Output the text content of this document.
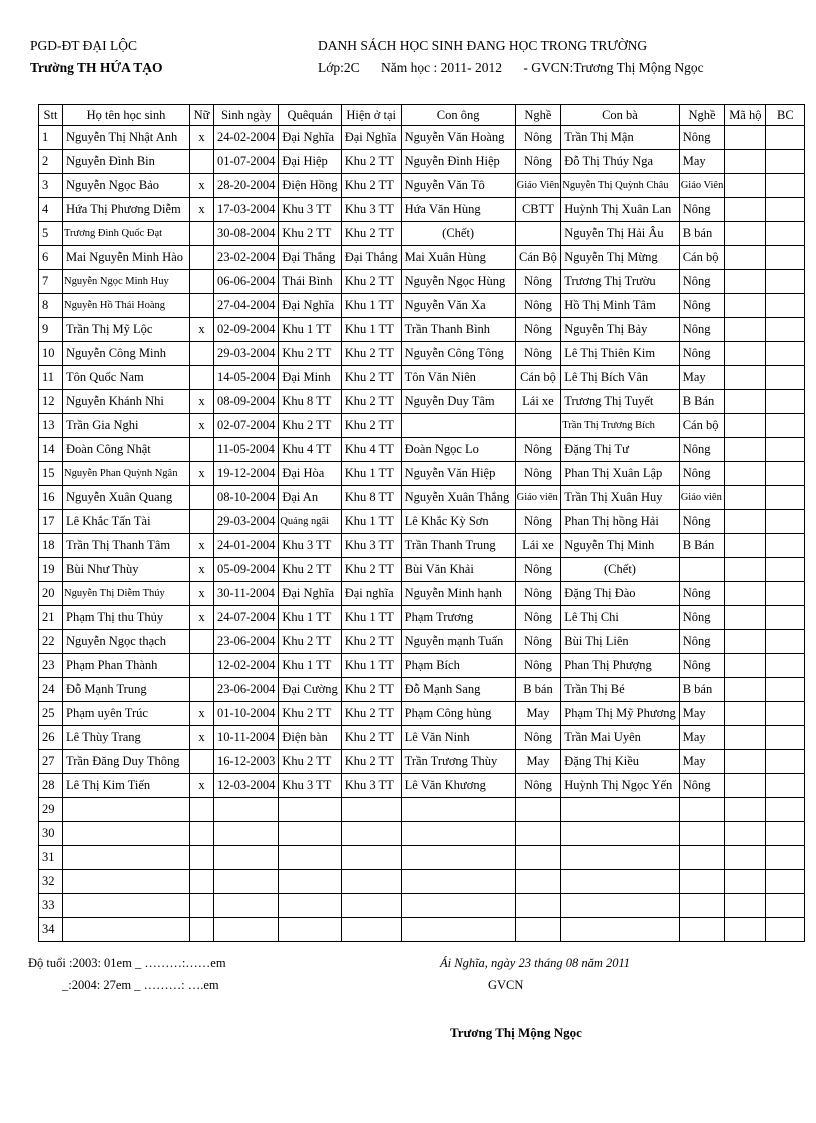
PGD-ĐT ĐẠI LỘC
Trường TH HỨA TẠO
DANH SÁCH HỌC SINH ĐANG HỌC TRONG TRƯỜNG
Lớp:2C Năm học : 2011- 2012 - GVCN:Trương Thị Mộng Ngọc
Stt	Họ tên học sinh	Nữ	Sinh ngày	Quêquán	Hiện ở tại	Con ông	Nghề	Con bà	Nghề	Mã hộ	BC
1	Nguyễn Thị Nhật Anh	x	24-02-2004	Đại Nghĩa	Đại Nghĩa	Nguyễn Văn Hoàng	Nông	Trần Thị Mận	Nông		
2	Nguyễn Đình Bin		01-07-2004	Đại Hiệp	Khu 2 TT	Nguyễn Đình Hiệp	Nông	Đỗ Thị Thúy Nga	May		
3	Nguyễn Ngọc Bảo	x	28-20-2004	Điện Hồng	Khu 2 TT	Nguyễn Văn Tô	Giáo Viên	Nguyễn Thị Quỳnh Châu	Giáo Viên		
4	Hứa Thị Phương Diễm	x	17-03-2004	Khu 3 TT	Khu 3 TT	Hứa Văn Hùng	CBTT	Huỳnh Thị Xuân Lan	Nông		
5	Trương Đình Quốc Đạt		30-08-2004	Khu 2 TT	Khu 2 TT	(Chết)		Nguyễn Thị Hải Âu	B bán		
6	Mai Nguyễn Minh Hào		23-02-2004	Đại Thắng	Đại Thắng	Mai Xuân Hùng	Cán Bộ	Nguyễn Thị Mừng	Cán bộ		
7	Nguyễn Ngọc Minh Huy		06-06-2004	Thái Bình	Khu 2 TT	Nguyễn Ngọc Hùng	Nông	Trương Thị Trườu	Nông		
8	Nguyễn Hồ Thái Hoàng		27-04-2004	Đại Nghĩa	Khu 1 TT	Nguyễn Văn Xa	Nông	Hồ Thị Minh Tâm	Nông		
9	Trần Thị Mỹ Lộc	x	02-09-2004	Khu 1 TT	Khu 1 TT	Trần Thanh Bình	Nông	Nguyễn Thị Bảy	Nông		
10	Nguyễn Công Minh		29-03-2004	Khu 2 TT	Khu 2 TT	Nguyễn Công Tông	Nông	Lê Thị Thiên Kim	Nông		
11	Tôn Quốc Nam		14-05-2004	Đại Minh	Khu 2 TT	Tôn Văn Niên	Cán bộ	Lê Thị Bích Vân	May		
12	Nguyễn Khánh Nhi	x	08-09-2004	Khu 8 TT	Khu 2 TT	Nguyễn Duy Tâm	Lái xe	Trương Thị Tuyết	B Bán		
13	Trần Gia Nghi	x	02-07-2004	Khu 2 TT	Khu 2 TT			Trần Thị Trương Bích	Cán bộ		
14	Đoàn Công Nhật		11-05-2004	Khu 4 TT	Khu 4 TT	Đoàn Ngọc Lo	Nông	Đặng Thị Tư	Nông		
15	Nguyễn Phan Quỳnh Ngân	x	19-12-2004	Đại Hòa	Khu 1 TT	Nguyễn Văn Hiệp	Nông	Phan Thị Xuân Lập	Nông		
16	Nguyễn Xuân Quang		08-10-2004	Đại An	Khu 8 TT	Nguyễn Xuân Thắng	Giáo viên	Trần Thị Xuân Huy	Giáo viên		
17	Lê Khắc Tấn Tài		29-03-2004	Quảng ngãi	Khu 1 TT	Lê Khắc Kỳ Sơn	Nông	Phan Thị hồng Hải	Nông		
18	Trần Thị Thanh Tâm	x	24-01-2004	Khu 3 TT	Khu 3 TT	Trần Thanh Trung	Lái xe	Nguyễn Thị Minh	B Bán		
19	Bùi Như Thùy	x	05-09-2004	Khu 2 TT	Khu 2 TT	Bùi Văn Khải	Nông	(Chết)			
20	Nguyễn Thị Diễm Thúy	x	30-11-2004	Đại Nghĩa	Đại nghĩa	Nguyễn Minh hạnh	Nông	Đặng Thị Đào	Nông		
21	Phạm Thị thu Thủy	x	24-07-2004	Khu 1 TT	Khu 1 TT	Phạm Trương	Nông	Lê Thị Chi	Nông		
22	Nguyễn Ngọc thạch		23-06-2004	Khu 2 TT	Khu 2 TT	Nguyễn mạnh Tuấn	Nông	Bùi Thị Liên	Nông		
23	Phạm Phan Thành		12-02-2004	Khu 1 TT	Khu 1 TT	Phạm Bích	Nông	Phan Thị Phượng	Nông		
24	Đỗ Mạnh Trung		23-06-2004	Đại Cường	Khu 2 TT	Đỗ Mạnh Sang	B bán	Trần Thị Bé	B bán		
25	Phạm uyên Trúc	x	01-10-2004	Khu 2 TT	Khu 2 TT	Phạm Công hùng	May	Phạm Thị Mỹ Phương	May		
26	Lê Thùy Trang	x	10-11-2004	Điện bàn	Khu 2 TT	Lê Văn Ninh	Nông	Trần Mai Uyên	May		
27	Trần Đăng Duy Thông		16-12-2003	Khu 2 TT	Khu 2 TT	Trần Trương Thùy	May	Đặng Thị Kiều	May		
28	Lê Thị Kim Tiến	x	12-03-2004	Khu 3 TT	Khu 3 TT	Lê Văn Khương	Nông	Huỳnh Thị Ngọc Yến	Nông		
29											
30											
31											
32											
33											
34											
Độ tuổi :2003: 01em _ ………:……em
_:2004: 27em _ ………: ….em
Ái Nghĩa, ngày 23 tháng 08 năm 2011
GVCN
Trương Thị Mộng Ngọc
